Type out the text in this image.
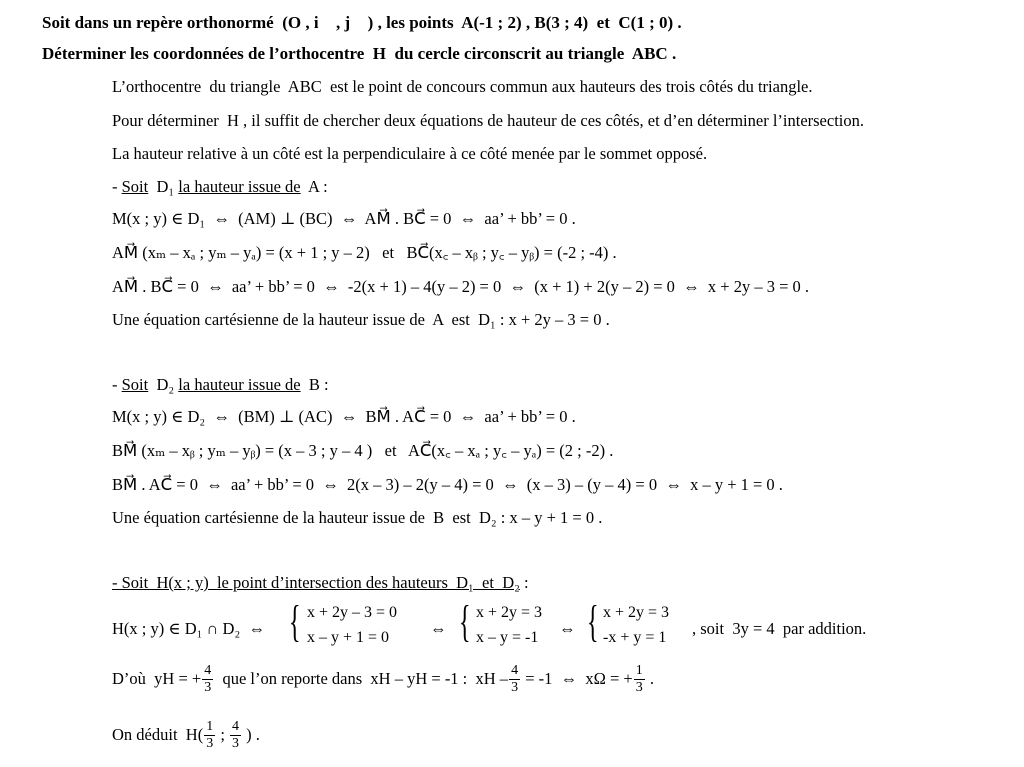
Soit dans un repère orthonormé  (O , i⃗ , j⃗ ) , les points  A(-1 ; 2) , B(3 ; 4)  et  C(1 ; 0) .
Déterminer les coordonnées de l’orthocentre  H  du cercle circonscrit au triangle  ABC .
L’orthocentre  du triangle  ABC  est le point de concours commun aux hauteurs des trois côtés du triangle.
Pour déterminer  H , il suffit de chercher deux équations de hauteur de ces côtés, et d’en déterminer l’intersection.
La hauteur relative à un côté est la perpendiculaire à ce côté menée par le sommet opposé.
- Soit  D₁ la hauteur issue de  A :
M(x ; y) ∈ D₁  ⇔  (AM) ⊥ (BC)  ⇔  AM⃗ . BC⃗ = 0  ⇔  aa’ + bb’ = 0 .
AM⃗ (xₘ – xₐ ; yₘ – yₐ) = (x + 1 ; y – 2)   et   BC⃗(x꜀ – xᵦ ; y꜀ – yᵦ) = (-2 ; -4) .
AM⃗ . BC⃗ = 0  ⇔  aa’ + bb’ = 0  ⇔  -2(x + 1) – 4(y – 2) = 0  ⇔  (x + 1) + 2(y – 2) = 0  ⇔  x + 2y – 3 = 0 .
Une équation cartésienne de la hauteur issue de  A  est  D₁ : x + 2y – 3 = 0 .
- Soit  D₂ la hauteur issue de  B :
M(x ; y) ∈ D₂  ⇔  (BM) ⊥ (AC)  ⇔  BM⃗ . AC⃗ = 0  ⇔  aa’ + bb’ = 0 .
BM⃗ (xₘ – xᵦ ; yₘ – yᵦ) = (x – 3 ; y – 4 )   et   AC⃗(x꜀ – xₐ ; y꜀ – yₐ) = (2 ; -2) .
BM⃗ . AC⃗ = 0  ⇔  aa’ + bb’ = 0  ⇔  2(x – 3) – 2(y – 4) = 0  ⇔  (x – 3) – (y – 4) = 0  ⇔  x – y + 1 = 0 .
Une équation cartésienne de la hauteur issue de  B  est  D₂ : x – y + 1 = 0 .
- Soit  H(x ; y)  le point d’intersection des hauteurs  D₁  et  D₂ :
H(x ; y) ∈ D₁ ∩ D₂  ⇔ { x + 2y – 3 = 0
x – y + 1 = 0 ⇔ { x + 2y = 3
x – y = -1 ⇔ { x + 2y = 3
-x + y = 1 , soit  3y = 4  par addition.
D’où  yH = + $\frac{4}{3}$ que l’on reporte dans  xH – yH = -1 :  xH – $\frac{4}{3} = -1$  ⇔  xΩ = + $\frac{1}{3}$ .
On déduit  $H( \frac{1}{3}$ ; $\frac{4}{3}$ ) .
